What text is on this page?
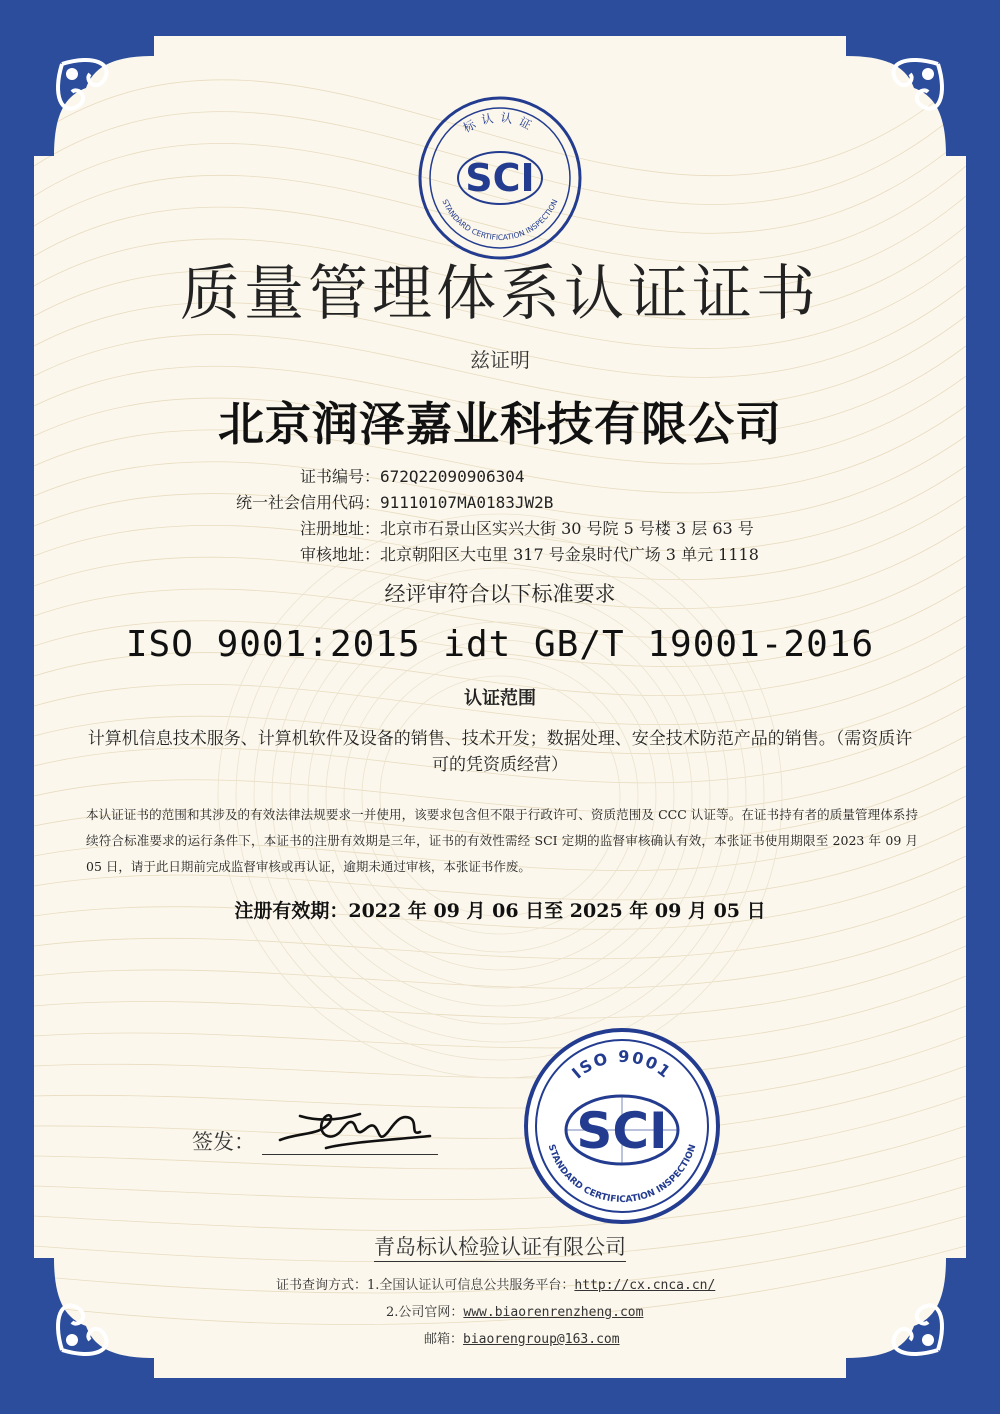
标认认证
STANDARD CERTIFICATION INSPECTION
SCI
质量管理体系认证证书
兹证明
北京润泽嘉业科技有限公司
证书编号：672Q22090906304
统一社会信用代码：91110107MA0183JW2B
注册地址：北京市石景山区实兴大街 30 号院 5 号楼 3 层 63 号
审核地址：北京朝阳区大屯里 317 号金泉时代广场 3 单元 1118
经评审符合以下标准要求
ISO 9001:2015 idt GB/T 19001-2016
认证范围
计算机信息技术服务、计算机软件及设备的销售、技术开发；数据处理、安全技术防范产品的销售。（需资质许可的凭资质经营）
本认证证书的范围和其涉及的有效法律法规要求一并使用，该要求包含但不限于行政许可、资质范围及 CCC 认证等。在证书持有者的质量管理体系持续符合标准要求的运行条件下，本证书的注册有效期是三年，证书的有效性需经 SCI 定期的监督审核确认有效，本张证书使用期限至 2023 年 09 月 05 日，请于此日期前完成监督审核或再认证，逾期未通过审核，本张证书作废。
注册有效期：2022 年 09 月 06 日至 2025 年 09 月 05 日
ISO 9001
STANDARD CERTIFICATION INSPECTION
SCI
签发：
青岛标认检验认证有限公司
证书查询方式：1.全国认证认可信息公共服务平台：http://cx.cnca.cn/
2.公司官网：www.biaorenrenzheng.com
邮箱：biaorengroup@163.com
